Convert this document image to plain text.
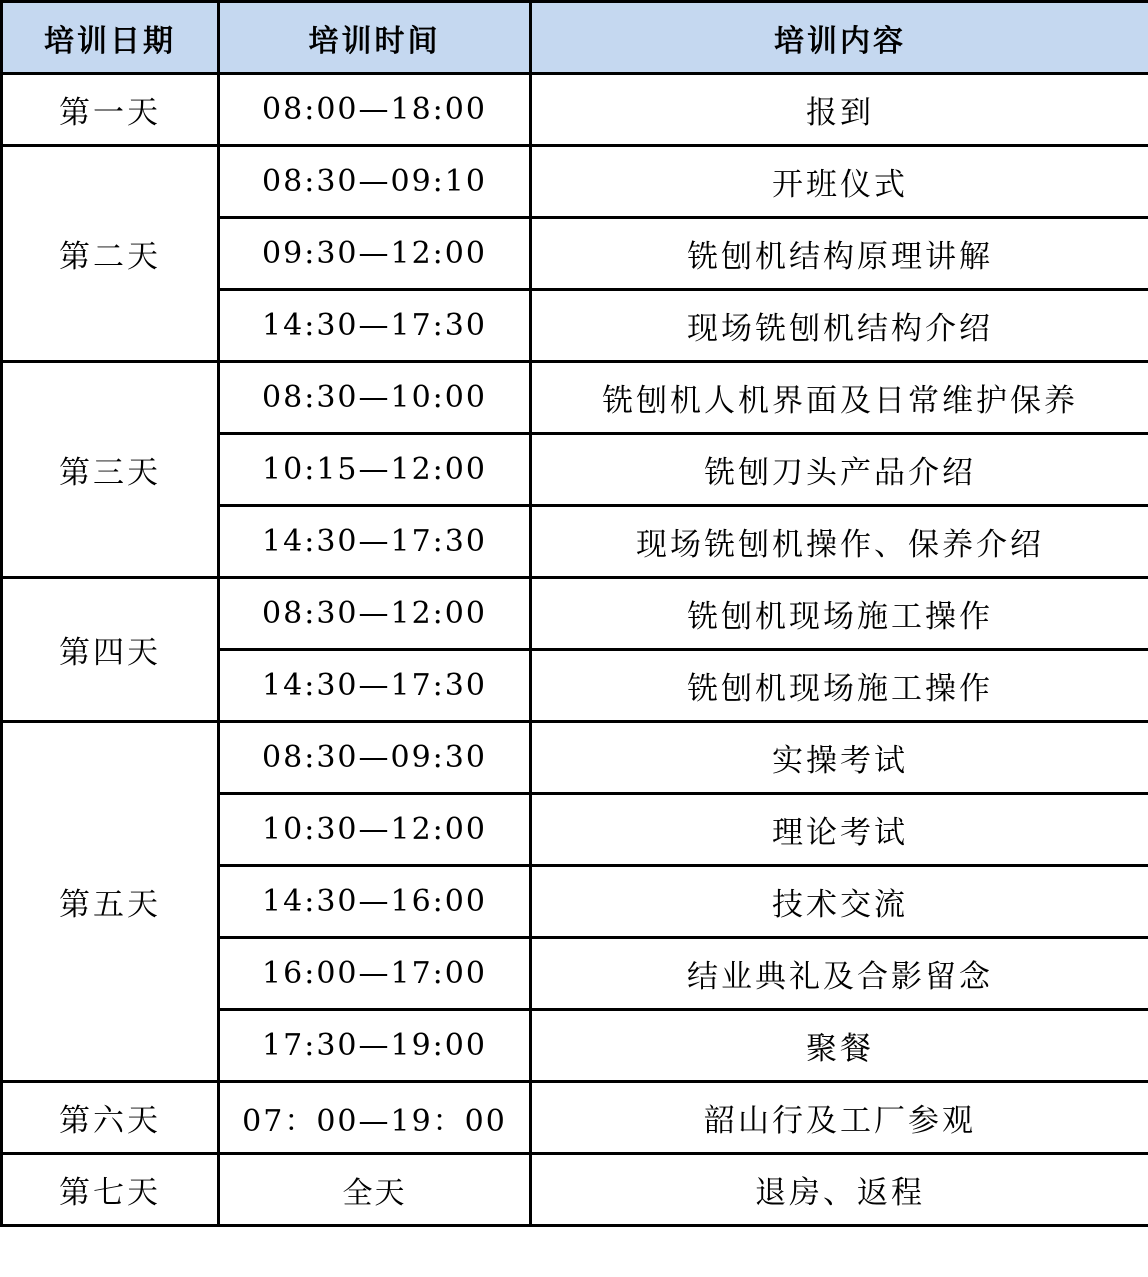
培训日期	培训时间	培训内容
第一天	08:00—18:00	报到
第二天	08:30—09:10	开班仪式
	09:30—12:00	铣刨机结构原理讲解
	14:30—17:30	现场铣刨机结构介绍
第三天	08:30—10:00	铣刨机人机界面及日常维护保养
	10:15—12:00	铣刨刀头产品介绍
	14:30—17:30	现场铣刨机操作、保养介绍
第四天	08:30—12:00	铣刨机现场施工操作
	14:30—17:30	铣刨机现场施工操作
第五天	08:30—09:30	实操考试
	10:30—12:00	理论考试
	14:30—16:00	技术交流
	16:00—17:00	结业典礼及合影留念
	17:30—19:00	聚餐
第六天	07：00—19：00	韶山行及工厂参观
第七天	全天	退房、返程
